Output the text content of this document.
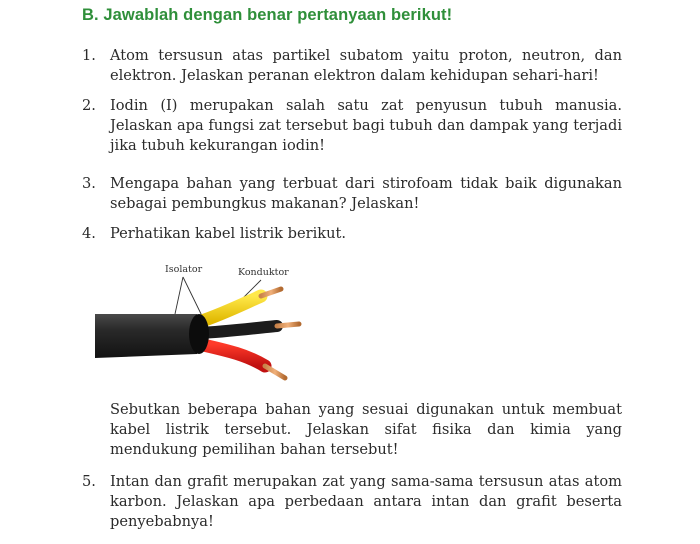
B. Jawablah dengan benar pertanyaan berikut!
1. Atom tersusun atas partikel subatom yaitu proton, neutron, dan elektron. Jelaskan peranan elektron dalam kehidupan sehari-hari!
2. Iodin (I) merupakan salah satu zat penyusun tubuh manusia. Jelaskan apa fungsi zat tersebut bagi tubuh dan dampak yang terjadi jika tubuh kekurangan iodin!
3. Mengapa bahan yang terbuat dari stirofoam tidak baik digunakan sebagai pembungkus makanan? Jelaskan!
4. Perhatikan kabel listrik berikut.
Isolator	Konduktor
Sebutkan beberapa bahan yang sesuai digunakan untuk membuat kabel listrik tersebut. Jelaskan sifat fisika dan kimia yang mendukung pemilihan bahan tersebut!
5. Intan dan grafit merupakan zat yang sama-sama tersusun atas atom karbon. Jelaskan apa perbedaan antara intan dan grafit beserta penyebabnya!
